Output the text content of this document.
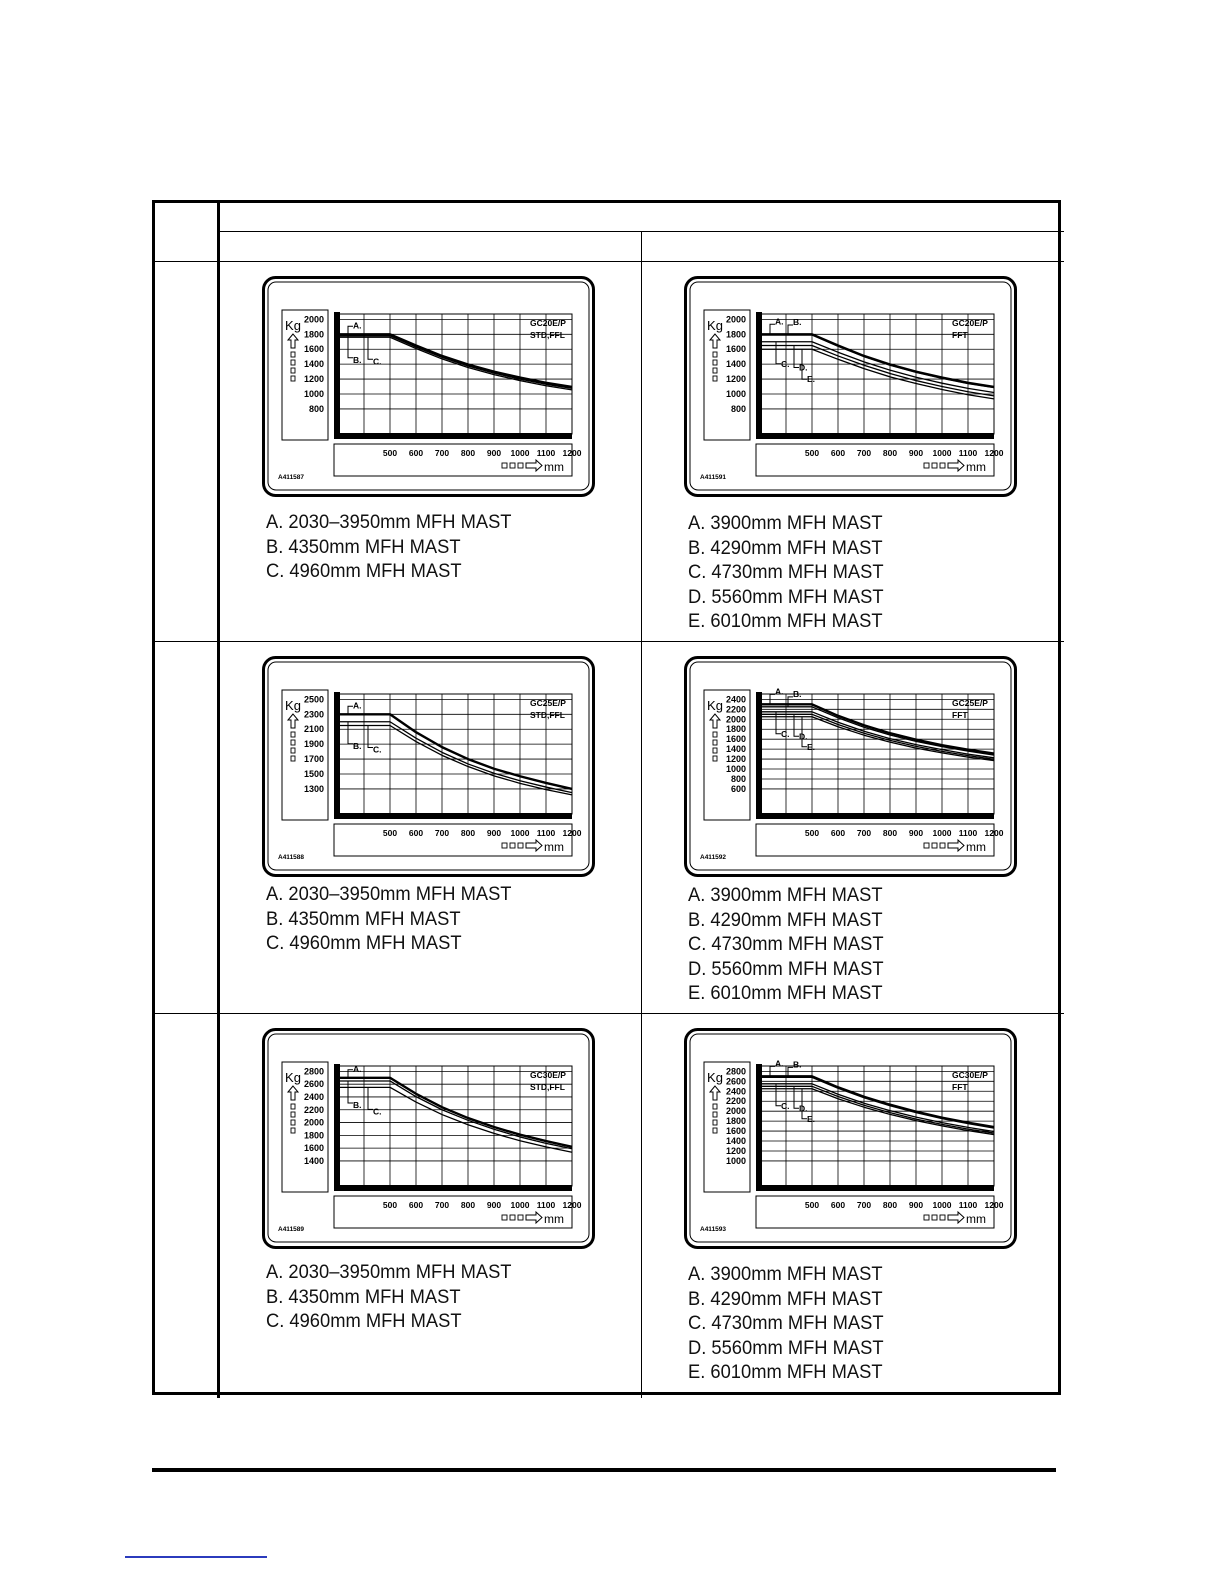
2000
1800
1600
1400
1200
1000
800
Kg
500 600 700 800 900 1000 1100 1200
mm
GC20E/P
STD,FFL
A411587
A.
B. C.
A. 2030–3950mm MFH MAST
B. 4350mm MFH MAST
C. 4960mm MFH MAST
2000
1800
1600
1400
1200
1000
800
Kg
500 600 700 800 900 1000 1100 1200
mm
GC20E/P
FFT
A411591
A. B.
C. D.
E.
A. 3900mm MFH MAST
B. 4290mm MFH MAST
C. 4730mm MFH MAST
D. 5560mm MFH MAST
E. 6010mm MFH MAST
2500
2300
2100
1900
1700
1500
1300
Kg
500 600 700 800 900 1000 1100 1200
mm
GC25E/P
STD,FFL
A411588
A.
B. C.
A. 2030–3950mm MFH MAST
B. 4350mm MFH MAST
C. 4960mm MFH MAST
2400
2200
2000
1800
1600
1400
1200
1000
800
600
Kg
500 600 700 800 900 1000 1100 1200
mm
GC25E/P
FFT
A411592
A. B.
C. D.
E.
A. 3900mm MFH MAST
B. 4290mm MFH MAST
C. 4730mm MFH MAST
D. 5560mm MFH MAST
E. 6010mm MFH MAST
2800
2600
2400
2200
2000
1800
1600
1400
Kg
500 600 700 800 900 1000 1100 1200
mm
GC30E/P
STD,FFL
A411589
A.
B.
C.
A. 2030–3950mm MFH MAST
B. 4350mm MFH MAST
C. 4960mm MFH MAST
2800
2600
2400
2200
2000
1800
1600
1400
1200
1000
Kg
500 600 700 800 900 1000 1100 1200
mm
GC30E/P
FFT
A411593
A. B.
C. D.
E.
A. 3900mm MFH MAST
B. 4290mm MFH MAST
C. 4730mm MFH MAST
D. 5560mm MFH MAST
E. 6010mm MFH MAST
